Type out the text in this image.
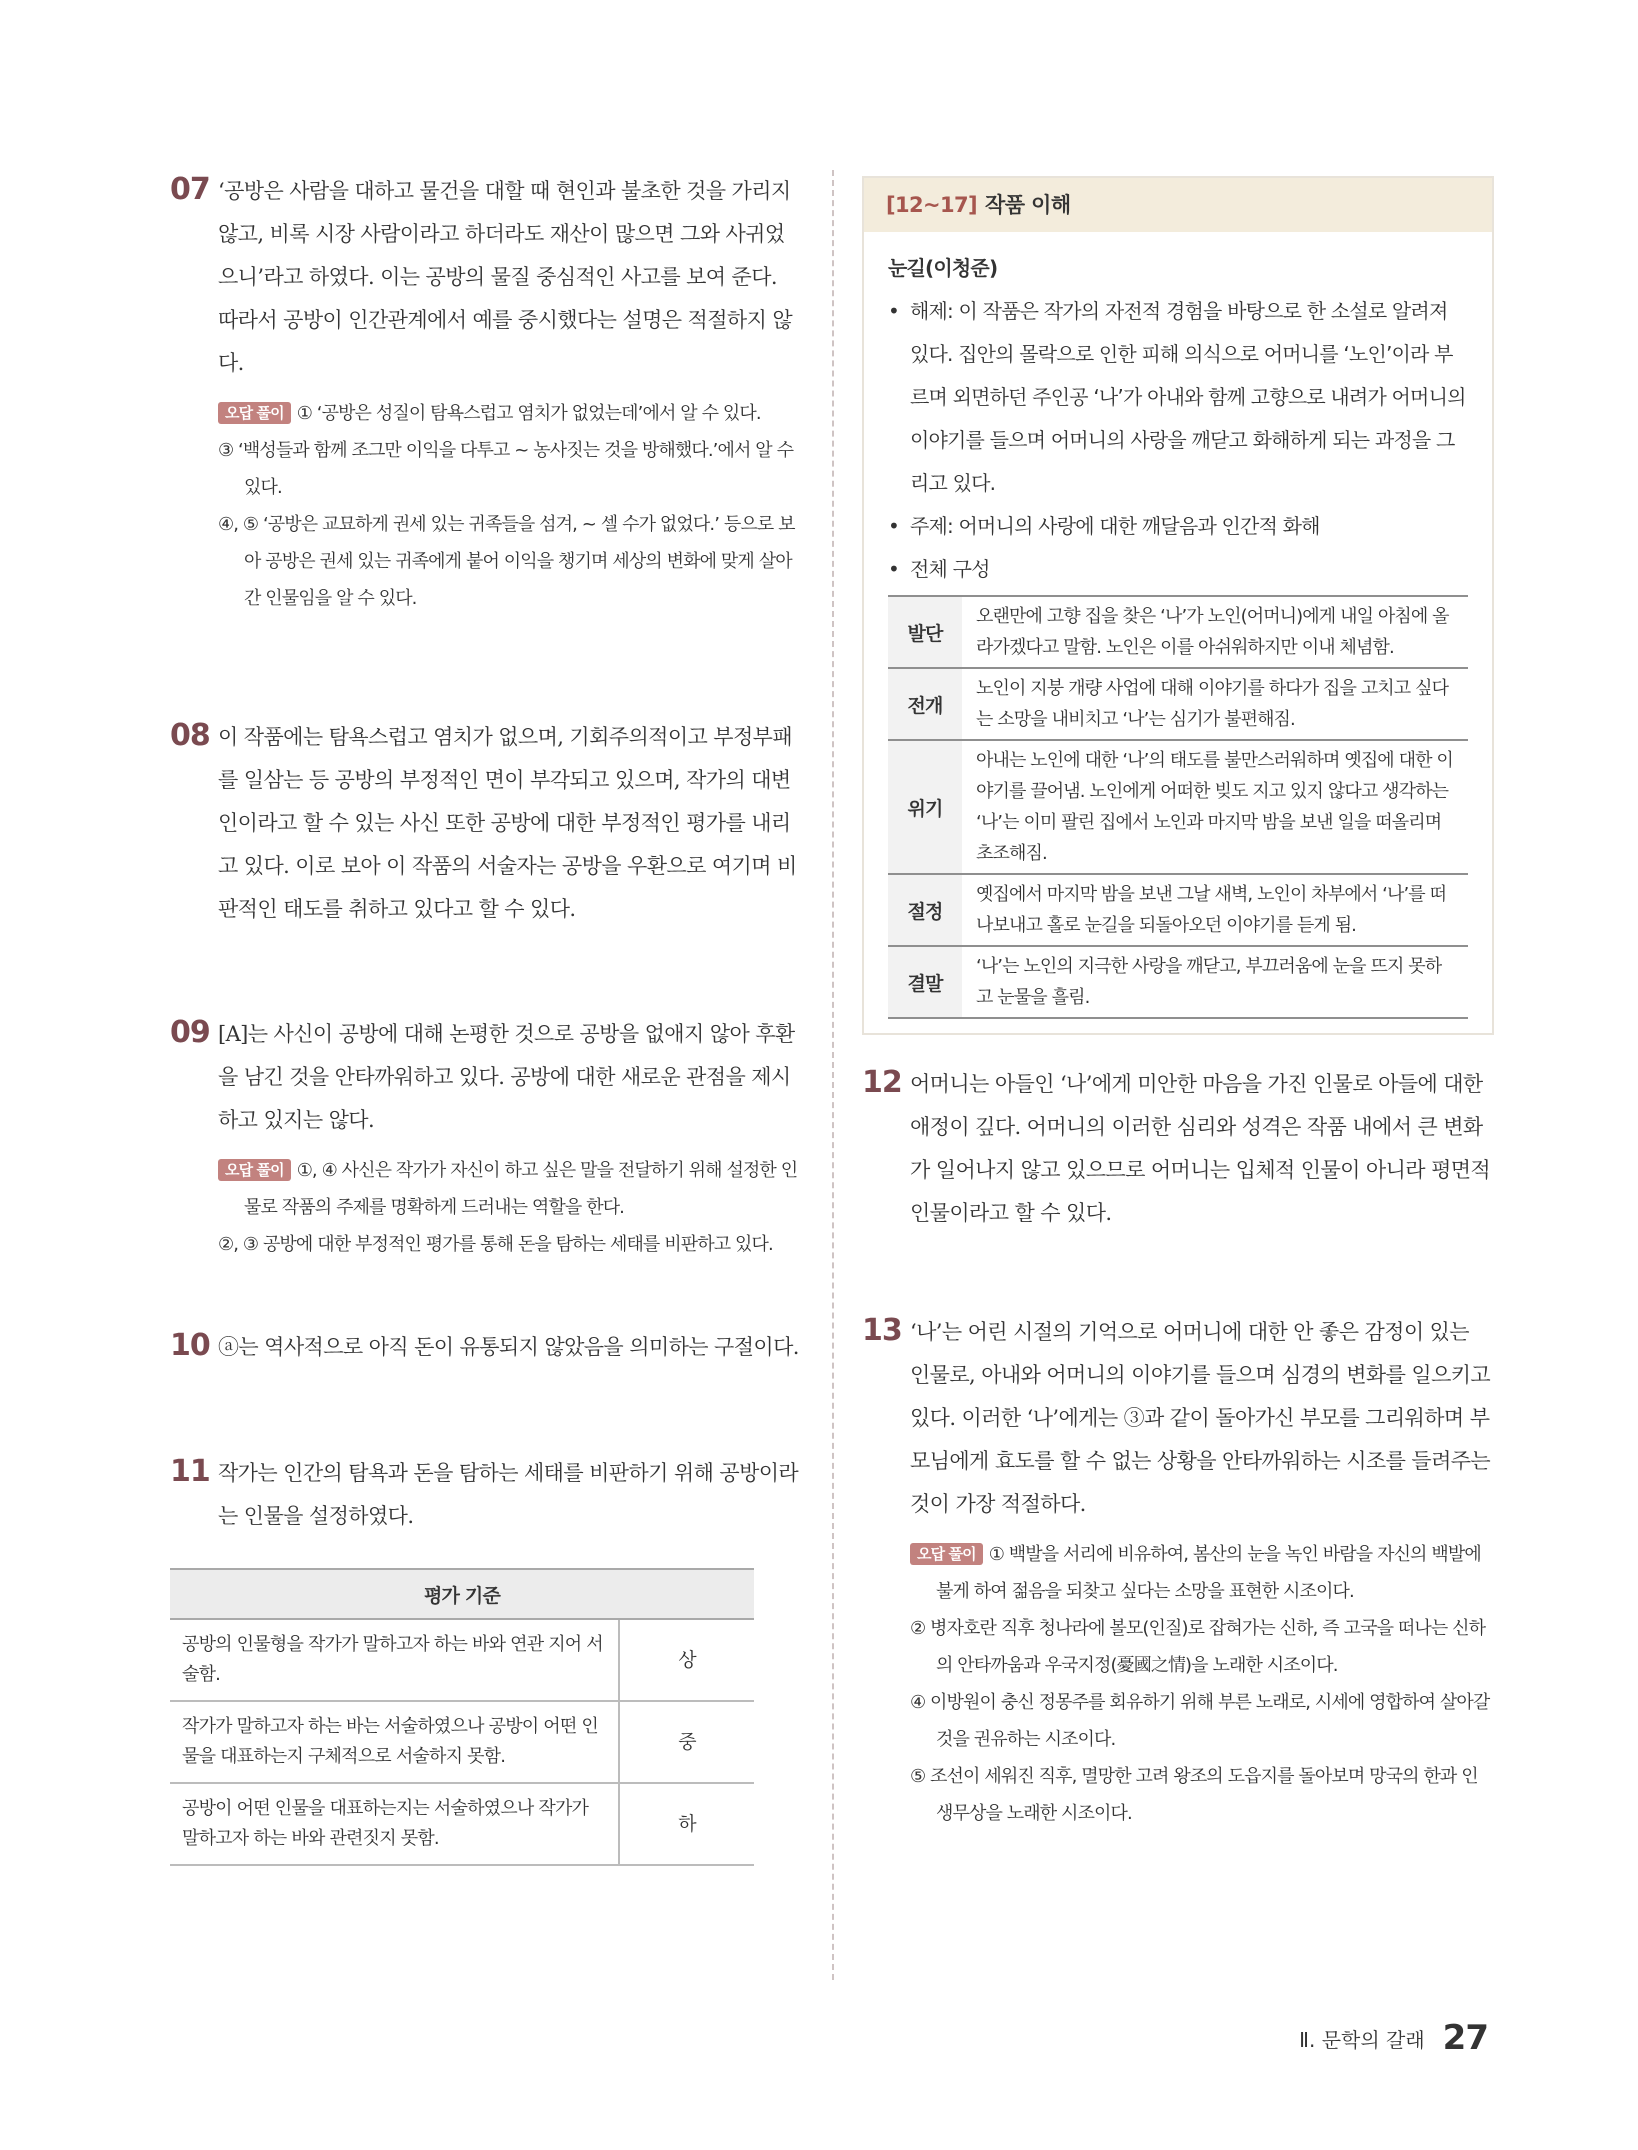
07 ‘공방은 사람을 대하고 물건을 대할 때 현인과 불초한 것을 가리지 않고, 비록 시장 사람이라고 하더라도 재산이 많으면 그와 사귀었으니’라고 하였다. 이는 공방의 물질 중심적인 사고를 보여 준다. 따라서 공방이 인간관계에서 예를 중시했다는 설명은 적절하지 않다.
오답 풀이 ① ‘공방은 성질이 탐욕스럽고 염치가 없었는데’에서 알 수 있다.
③ ‘백성들과 함께 조그만 이익을 다투고 ~ 농사짓는 것을 방해했다.’에서 알 수 있다.
④, ⑤ ‘공방은 교묘하게 권세 있는 귀족들을 섬겨, ~ 셀 수가 없었다.’ 등으로 보아 공방은 권세 있는 귀족에게 붙어 이익을 챙기며 세상의 변화에 맞게 살아간 인물임을 알 수 있다.
08 이 작품에는 탐욕스럽고 염치가 없으며, 기회주의적이고 부정부패를 일삼는 등 공방의 부정적인 면이 부각되고 있으며, 작가의 대변인이라고 할 수 있는 사신 또한 공방에 대한 부정적인 평가를 내리고 있다. 이로 보아 이 작품의 서술자는 공방을 우환으로 여기며 비판적인 태도를 취하고 있다고 할 수 있다.
09 [A]는 사신이 공방에 대해 논평한 것으로 공방을 없애지 않아 후환을 남긴 것을 안타까워하고 있다. 공방에 대한 새로운 관점을 제시하고 있지는 않다.
오답 풀이 ①, ④ 사신은 작가가 자신이 하고 싶은 말을 전달하기 위해 설정한 인물로 작품의 주제를 명확하게 드러내는 역할을 한다.
②, ③ 공방에 대한 부정적인 평가를 통해 돈을 탐하는 세태를 비판하고 있다.
10 ⓐ는 역사적으로 아직 돈이 유통되지 않았음을 의미하는 구절이다.
11 작가는 인간의 탐욕과 돈을 탐하는 세태를 비판하기 위해 공방이라는 인물을 설정하였다.
평가 기준	
공방의 인물형을 작가가 말하고자 하는 바와 연관 지어 서술함.	상
작가가 말하고자 하는 바는 서술하였으나 공방이 어떤 인물을 대표하는지 구체적으로 서술하지 못함.	중
공방이 어떤 인물을 대표하는지는 서술하였으나 작가가 말하고자 하는 바와 관련짓지 못함.	하
[12~17] 작품 이해
눈길(이청준)
• 해제: 이 작품은 작가의 자전적 경험을 바탕으로 한 소설로 알려져 있다. 집안의 몰락으로 인한 피해 의식으로 어머니를 ‘노인’이라 부르며 외면하던 주인공 ‘나’가 아내와 함께 고향으로 내려가 어머니의 이야기를 들으며 어머니의 사랑을 깨닫고 화해하게 되는 과정을 그리고 있다.
• 주제: 어머니의 사랑에 대한 깨달음과 인간적 화해
• 전체 구성
발단	오랜만에 고향 집을 찾은 ‘나’가 노인(어머니)에게 내일 아침에 올라가겠다고 말함. 노인은 이를 아쉬워하지만 이내 체념함.
전개	노인이 지붕 개량 사업에 대해 이야기를 하다가 집을 고치고 싶다는 소망을 내비치고 ‘나’는 심기가 불편해짐.
위기	아내는 노인에 대한 ‘나’의 태도를 불만스러워하며 옛집에 대한 이야기를 끌어냄. 노인에게 어떠한 빚도 지고 있지 않다고 생각하는 ‘나’는 이미 팔린 집에서 노인과 마지막 밤을 보낸 일을 떠올리며 초조해짐.
절정	옛집에서 마지막 밤을 보낸 그날 새벽, 노인이 차부에서 ‘나’를 떠나보내고 홀로 눈길을 되돌아오던 이야기를 듣게 됨.
결말	‘나’는 노인의 지극한 사랑을 깨닫고, 부끄러움에 눈을 뜨지 못하고 눈물을 흘림.
12 어머니는 아들인 ‘나’에게 미안한 마음을 가진 인물로 아들에 대한 애정이 깊다. 어머니의 이러한 심리와 성격은 작품 내에서 큰 변화가 일어나지 않고 있으므로 어머니는 입체적 인물이 아니라 평면적 인물이라고 할 수 있다.
13 ‘나’는 어린 시절의 기억으로 어머니에 대한 안 좋은 감정이 있는 인물로, 아내와 어머니의 이야기를 들으며 심경의 변화를 일으키고 있다. 이러한 ‘나’에게는 ③과 같이 돌아가신 부모를 그리워하며 부모님에게 효도를 할 수 없는 상황을 안타까워하는 시조를 들려주는 것이 가장 적절하다.
오답 풀이 ① 백발을 서리에 비유하여, 봄산의 눈을 녹인 바람을 자신의 백발에 불게 하여 젊음을 되찾고 싶다는 소망을 표현한 시조이다.
② 병자호란 직후 청나라에 볼모(인질)로 잡혀가는 신하, 즉 고국을 떠나는 신하의 안타까움과 우국지정(憂國之情)을 노래한 시조이다.
④ 이방원이 충신 정몽주를 회유하기 위해 부른 노래로, 시세에 영합하여 살아갈 것을 권유하는 시조이다.
⑤ 조선이 세워진 직후, 멸망한 고려 왕조의 도읍지를 돌아보며 망국의 한과 인생무상을 노래한 시조이다.
Ⅱ. 문학의 갈래 27
